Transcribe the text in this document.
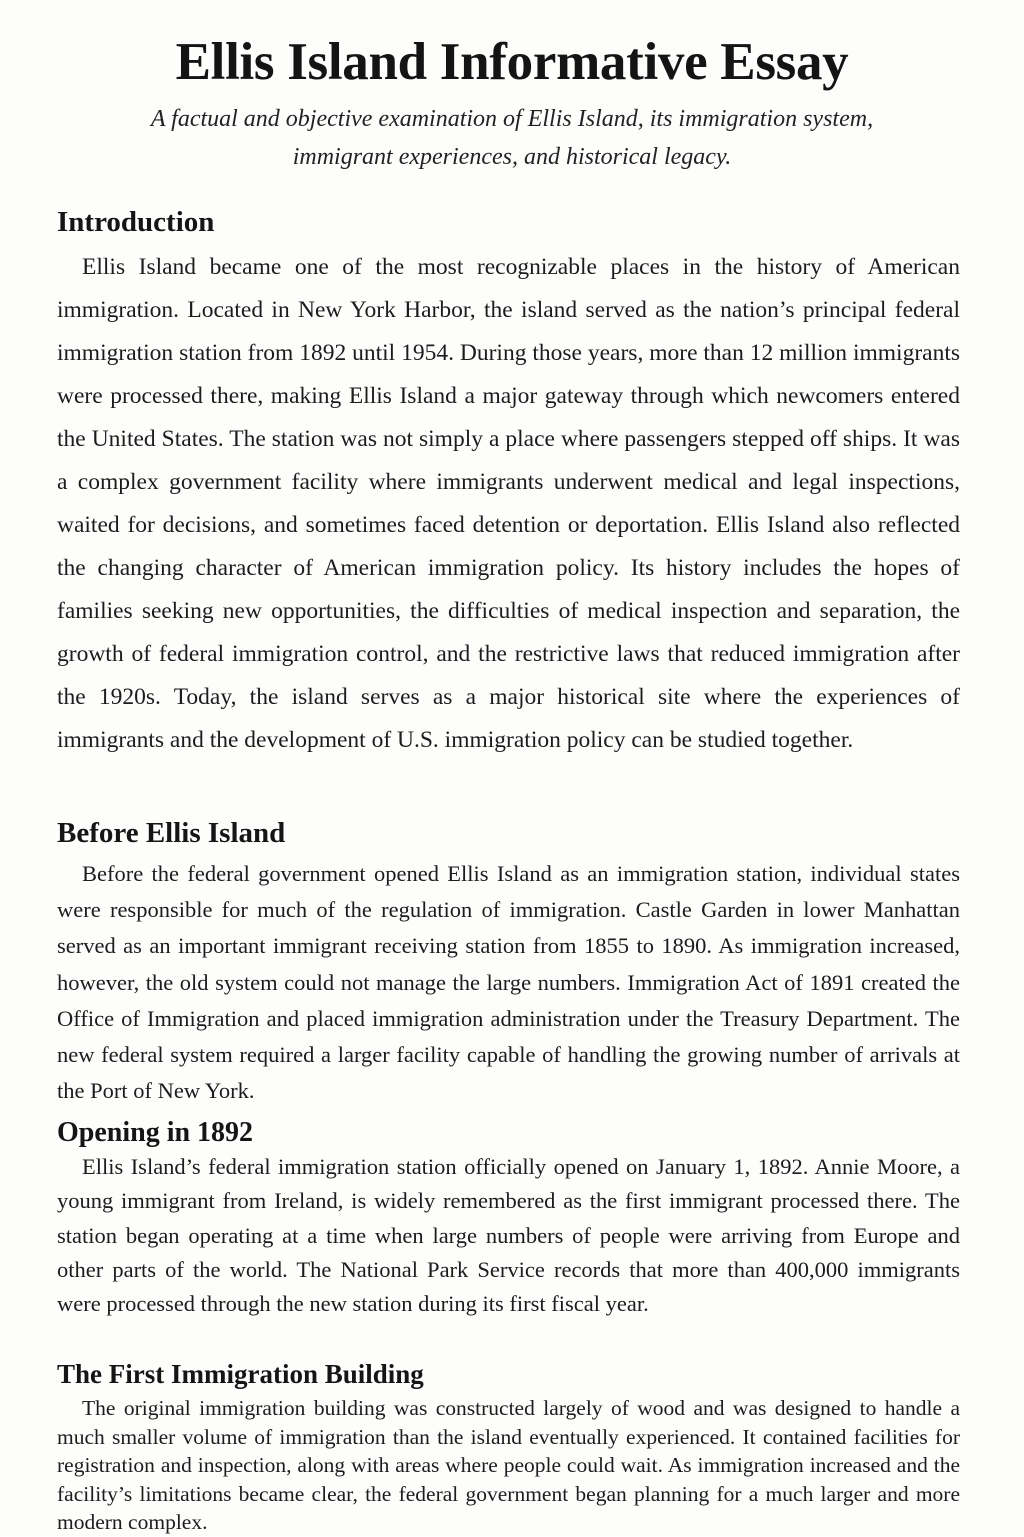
Ellis Island Informative Essay

A factual and objective examination of Ellis Island, its immigration system, immigrant experiences, and historical legacy.

Introduction

Ellis Island became one of the most recognizable places in the history of American immigration. Located in New York Harbor, the island served as the nation’s principal federal immigration station from 1892 until 1954. During those years, more than 12 million immigrants were processed there, making Ellis Island a major gateway through which newcomers entered the United States. The station was not simply a place where passengers stepped off ships. It was a complex government facility where immigrants underwent medical and legal inspections, waited for decisions, and sometimes faced detention or deportation. Ellis Island also reflected the changing character of American immigration policy. Its history includes the hopes of families seeking new opportunities, the difficulties of medical inspection and separation, the growth of federal immigration control, and the restrictive laws that reduced immigration after the 1920s. Today, the island serves as a major historical site where the experiences of immigrants and the development of U.S. immigration policy can be studied together.

Before Ellis Island

Before the federal government opened Ellis Island as an immigration station, individual states were responsible for much of the regulation of immigration. Castle Garden in lower Manhattan served as an important immigrant receiving station from 1855 to 1890. As immigration increased, however, the old system could not manage the large numbers. Immigration Act of 1891 created the Office of Immigration and placed immigration administration under the Treasury Department. The new federal system required a larger facility capable of handling the growing number of arrivals at the Port of New York.

Opening in 1892

Ellis Island’s federal immigration station officially opened on January 1, 1892. Annie Moore, a young immigrant from Ireland, is widely remembered as the first immigrant processed there. The station began operating at a time when large numbers of people were arriving from Europe and other parts of the world. The National Park Service records that more than 400,000 immigrants were processed through the new station during its first fiscal year.

The First Immigration Building

The original immigration building was constructed largely of wood and was designed to handle a much smaller volume of immigration than the island eventually experienced. It contained facilities for registration and inspection, along with areas where people could wait. As immigration increased and the facility’s limitations became clear, the federal government began planning for a much larger and more modern complex.
